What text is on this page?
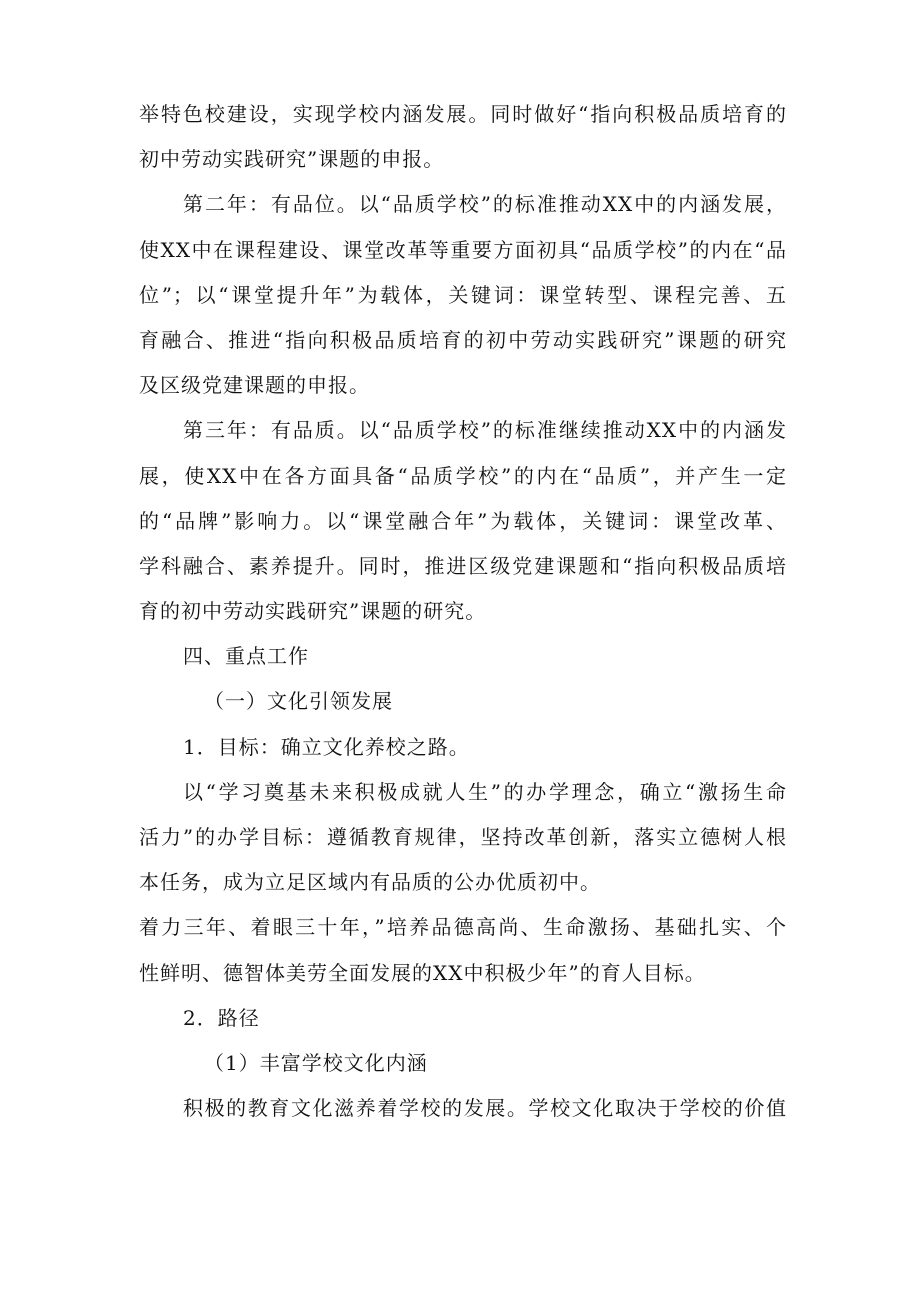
举特色校建设，实现学校内涵发展。同时做好“指向积极品质培育的
初中劳动实践研究”课题的申报。
第二年：有品位。以“品质学校”的标准推动XX中的内涵发展，
使XX中在课程建设、课堂改革等重要方面初具“品质学校”的内在“品
位”；以“课堂提升年”为载体，关键词：课堂转型、课程完善、五
育融合、推进“指向积极品质培育的初中劳动实践研究”课题的研究
及区级党建课题的申报。
第三年：有品质。以“品质学校”的标准继续推动XX中的内涵发
展，使XX中在各方面具备“品质学校”的内在“品质”，并产生一定
的“品牌”影响力。以“课堂融合年”为载体，关键词：课堂改革、
学科融合、素养提升。同时，推进区级党建课题和“指向积极品质培
育的初中劳动实践研究”课题的研究。
四、重点工作
（一）文化引领发展
1．目标：确立文化养校之路。
以“学习奠基未来积极成就人生”的办学理念，确立“激扬生命
活力”的办学目标：遵循教育规律，坚持改革创新，落实立德树人根
本任务，成为立足区域内有品质的公办优质初中。
着力三年、着眼三十年，”培养品德高尚、生命激扬、基础扎实、个
性鲜明、德智体美劳全面发展的XX中积极少年”的育人目标。
2．路径
（1）丰富学校文化内涵
积极的教育文化滋养着学校的发展。学校文化取决于学校的价值
